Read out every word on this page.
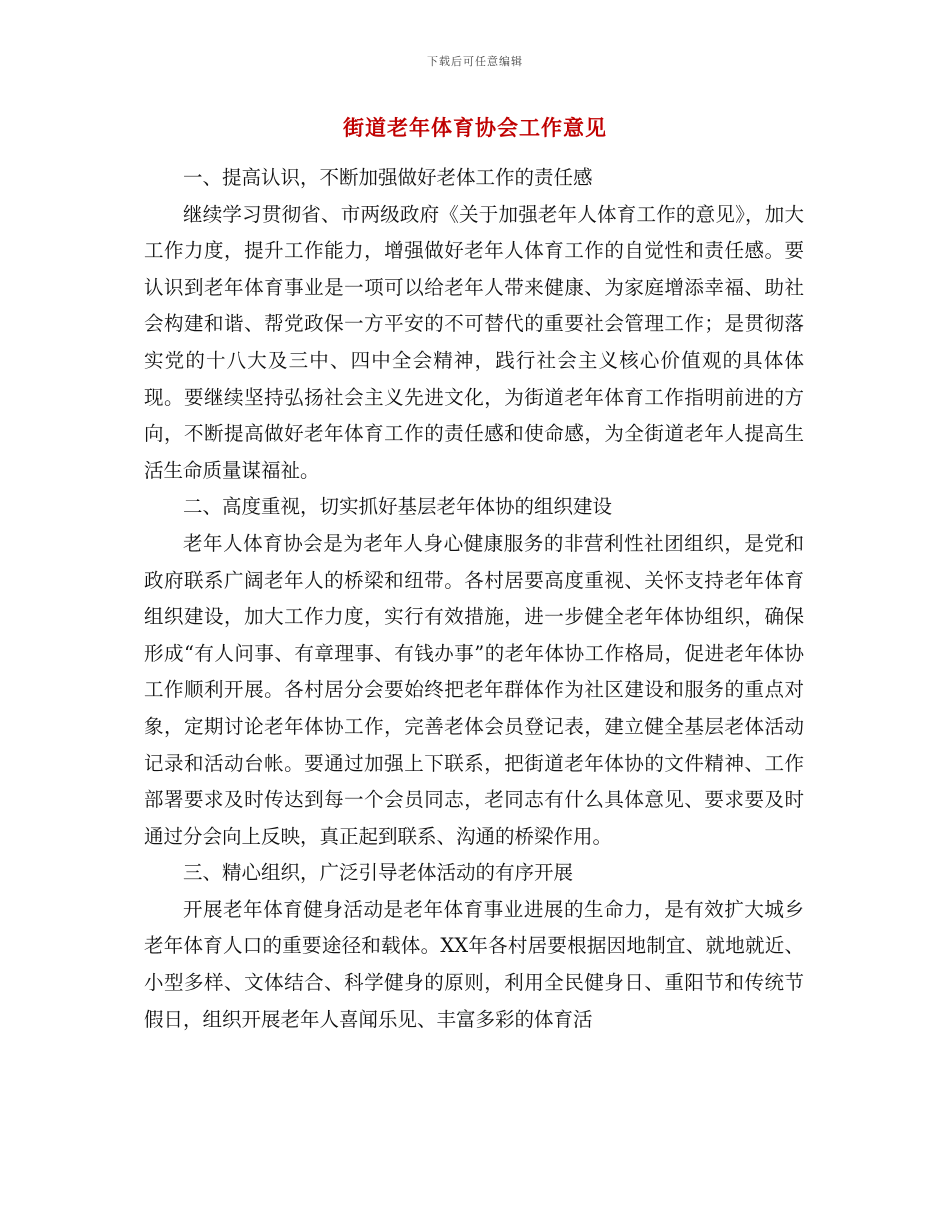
下载后可任意编辑
街道老年体育协会工作意见

一、提高认识，不断加强做好老体工作的责任感

继续学习贯彻省、市两级政府《关于加强老年人体育工作的意见》，加大工作力度，提升工作能力，增强做好老年人体育工作的自觉性和责任感。要认识到老年体育事业是一项可以给老年人带来健康、为家庭增添幸福、助社会构建和谐、帮党政保一方平安的不可替代的重要社会管理工作；是贯彻落实党的十八大及三中、四中全会精神，践行社会主义核心价值观的具体体现。要继续坚持弘扬社会主义先进文化，为街道老年体育工作指明前进的方向，不断提高做好老年体育工作的责任感和使命感，为全街道老年人提高生活生命质量谋福祉。

二、高度重视，切实抓好基层老年体协的组织建设

老年人体育协会是为老年人身心健康服务的非营利性社团组织，是党和政府联系广阔老年人的桥梁和纽带。各村居要高度重视、关怀支持老年体育组织建设，加大工作力度，实行有效措施，进一步健全老年体协组织，确保形成“有人问事、有章理事、有钱办事”的老年体协工作格局，促进老年体协工作顺利开展。各村居分会要始终把老年群体作为社区建设和服务的重点对象，定期讨论老年体协工作，完善老体会员登记表，建立健全基层老体活动记录和活动台帐。要通过加强上下联系，把街道老年体协的文件精神、工作部署要求及时传达到每一个会员同志，老同志有什么具体意见、要求要及时通过分会向上反映，真正起到联系、沟通的桥梁作用。

三、精心组织，广泛引导老体活动的有序开展

开展老年体育健身活动是老年体育事业进展的生命力，是有效扩大城乡老年体育人口的重要途径和载体。XX年各村居要根据因地制宜、就地就近、小型多样、文体结合、科学健身的原则，利用全民健身日、重阳节和传统节假日，组织开展老年人喜闻乐见、丰富多彩的体育活
